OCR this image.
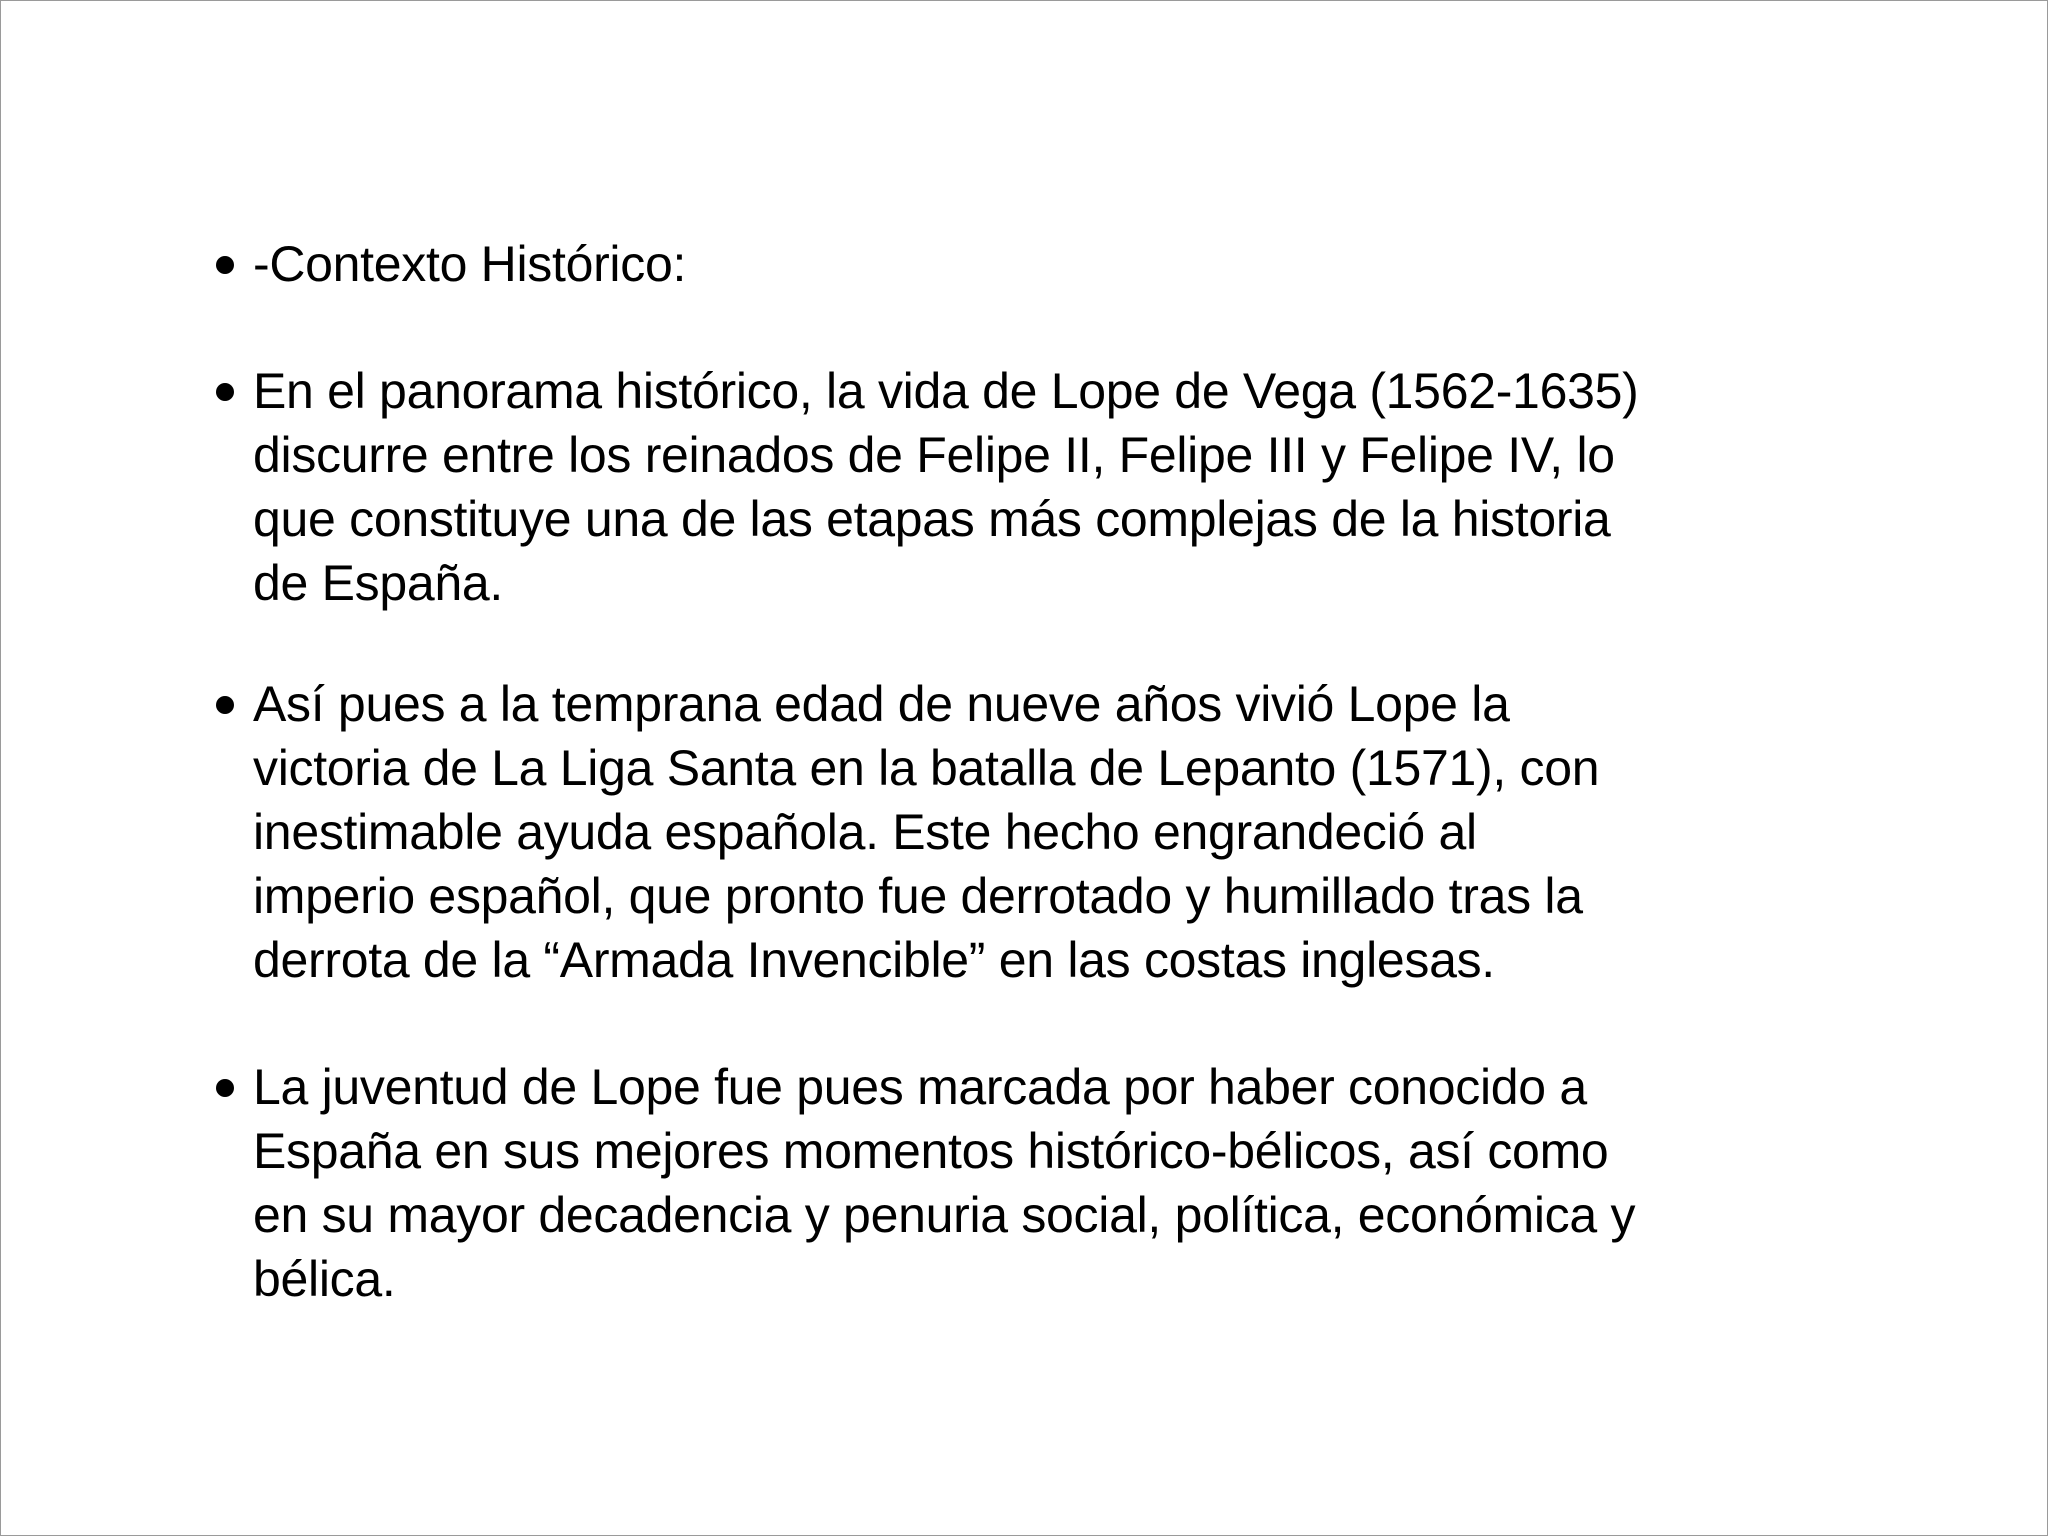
-Contexto Histórico:
En el panorama histórico, la vida de Lope de Vega (1562-1635)
discurre entre los reinados de Felipe II, Felipe III y Felipe IV, lo
que constituye una de las etapas más complejas de la historia
de España.
Así pues a la temprana edad de nueve años vivió Lope la
victoria de La Liga Santa en la batalla de Lepanto (1571), con
inestimable ayuda española. Este hecho engrandeció al
imperio español, que pronto fue derrotado y humillado tras la
derrota de la “Armada Invencible” en las costas inglesas.
La juventud de Lope fue pues marcada por haber conocido a
España en sus mejores momentos histórico-bélicos, así como
en su mayor decadencia y penuria social, política, económica y
bélica.
